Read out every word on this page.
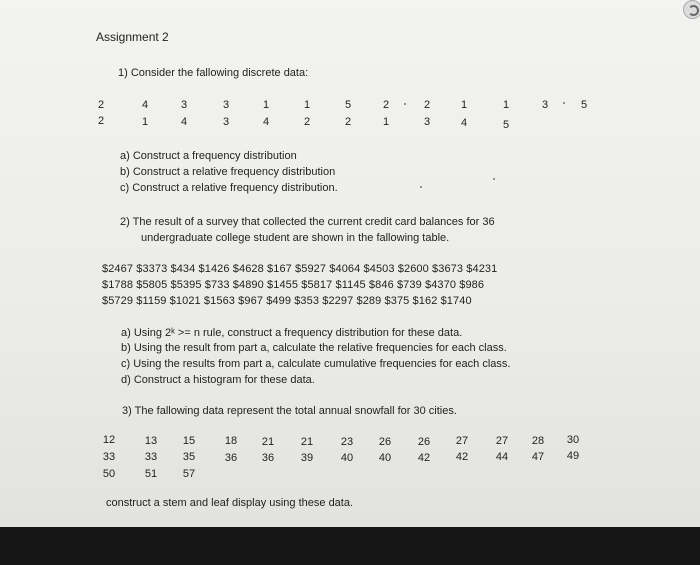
Assignment 2
1) Consider the fallowing discrete data:
2	4	3	3	1	1	5	2	2	1	1	3	5
2	1	4	3	4	2	2	1	3	4	5
a) Construct a frequency distribution
b) Construct a relative frequency distribution
c) Construct a relative frequency distribution.
2) The result of a survey that collected the current credit card balances for 36
undergraduate college student are shown in the fallowing table.
$2467 $3373 $434 $1426 $4628 $167 $5927 $4064 $4503 $2600 $3673 $4231
$1788 $5805 $5395 $733 $4890 $1455 $5817 $1145 $846 $739 $4370 $986
$5729 $1159 $1021 $1563 $967 $499 $353 $2297 $289 $375 $162 $1740
a) Using 2ᵏ >= n rule, construct a frequency distribution for these data.
b) Using the result from part a, calculate the relative frequencies for each class.
c) Using the results from part a, calculate cumulative frequencies for each class.
d) Construct a histogram for these data.
3) The fallowing data represent the total annual snowfall for 30 cities.
12	13	15	18	21	21	23	26	26	27	27	28	30
33	33	35	36	36	39	40	40	42	42	44	47	49
50	51	57
construct a stem and leaf display using these data.
